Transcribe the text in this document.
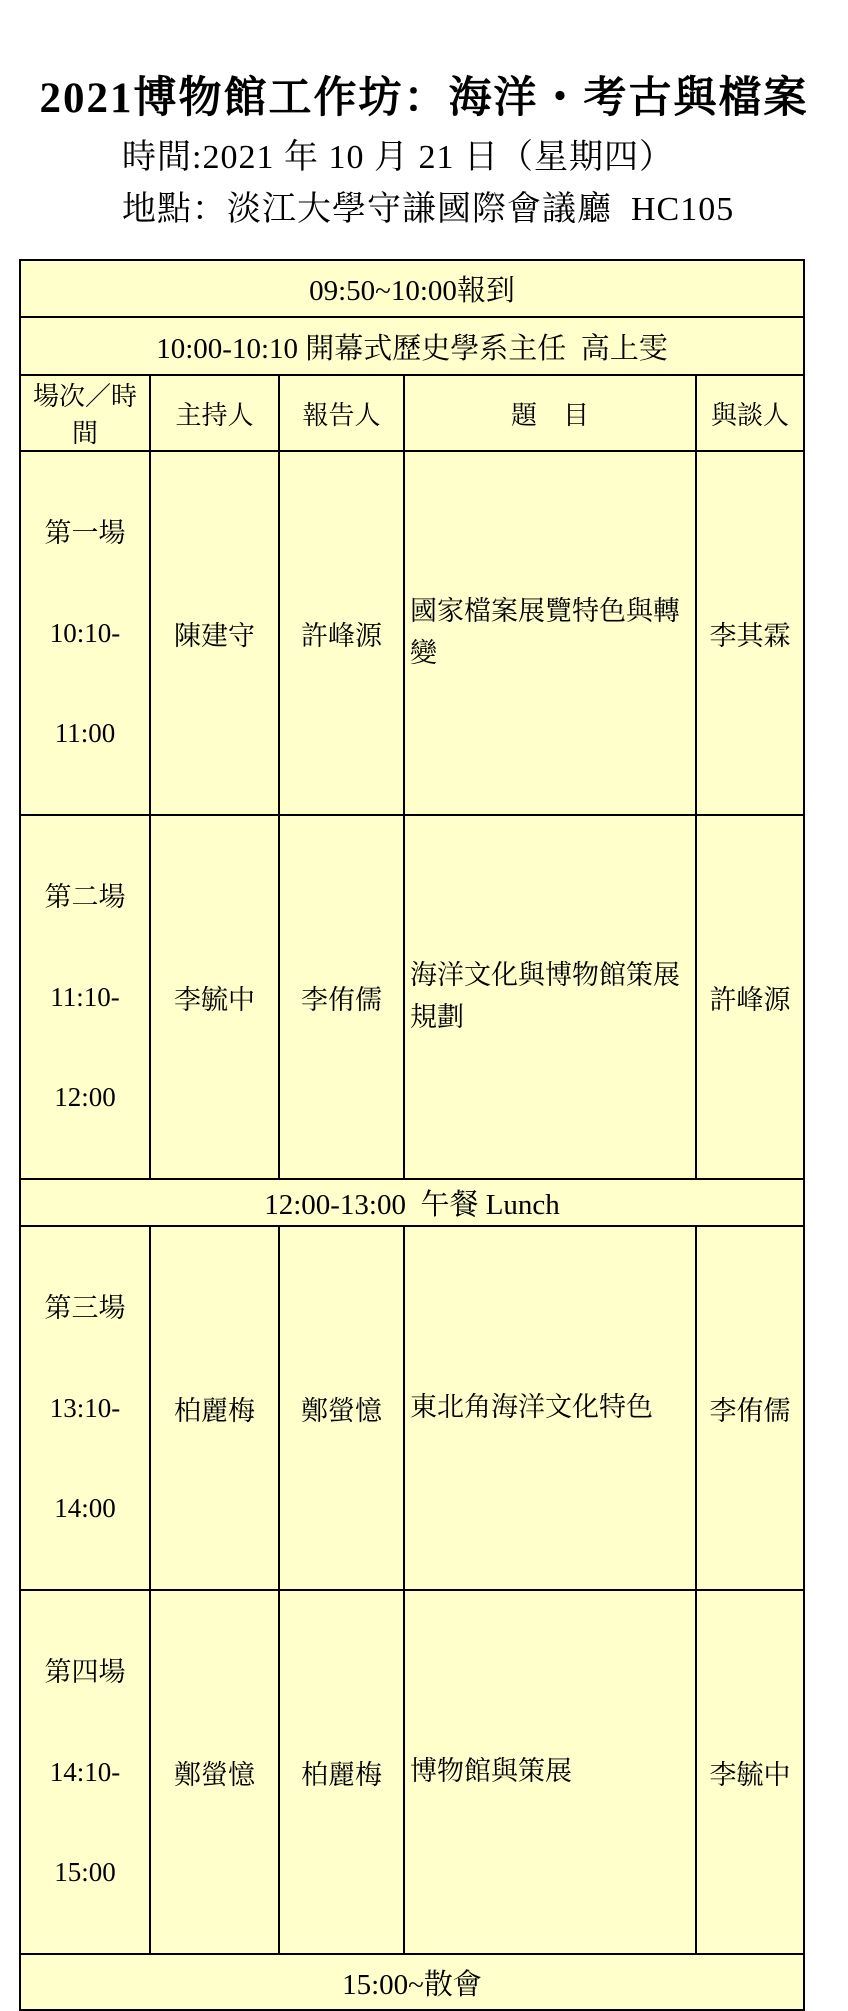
2021博物館工作坊：海洋・考古與檔案
時間:2021 年 10 月 21 日（星期四）
地點：淡江大學守謙國際會議廳  HC105
09:50~10:00報到				
10:00-10:10 開幕式歷史學系主任  高上雯				
場次／時間	主持人	報告人	題　目	與談人

第一場

10:10-

11:00	陳建守	許峰源	國家檔案展覽特色與轉變	李其霖

第二場

11:10-

12:00	李毓中	李侑儒	海洋文化與博物館策展規劃	許峰源
12:00-13:00  午餐 Lunch				

第三場

13:10-

14:00	柏麗梅	鄭螢憶	東北角海洋文化特色	李侑儒

第四場

14:10-

15:00	鄭螢憶	柏麗梅	博物館與策展	李毓中
15:00~散會				
